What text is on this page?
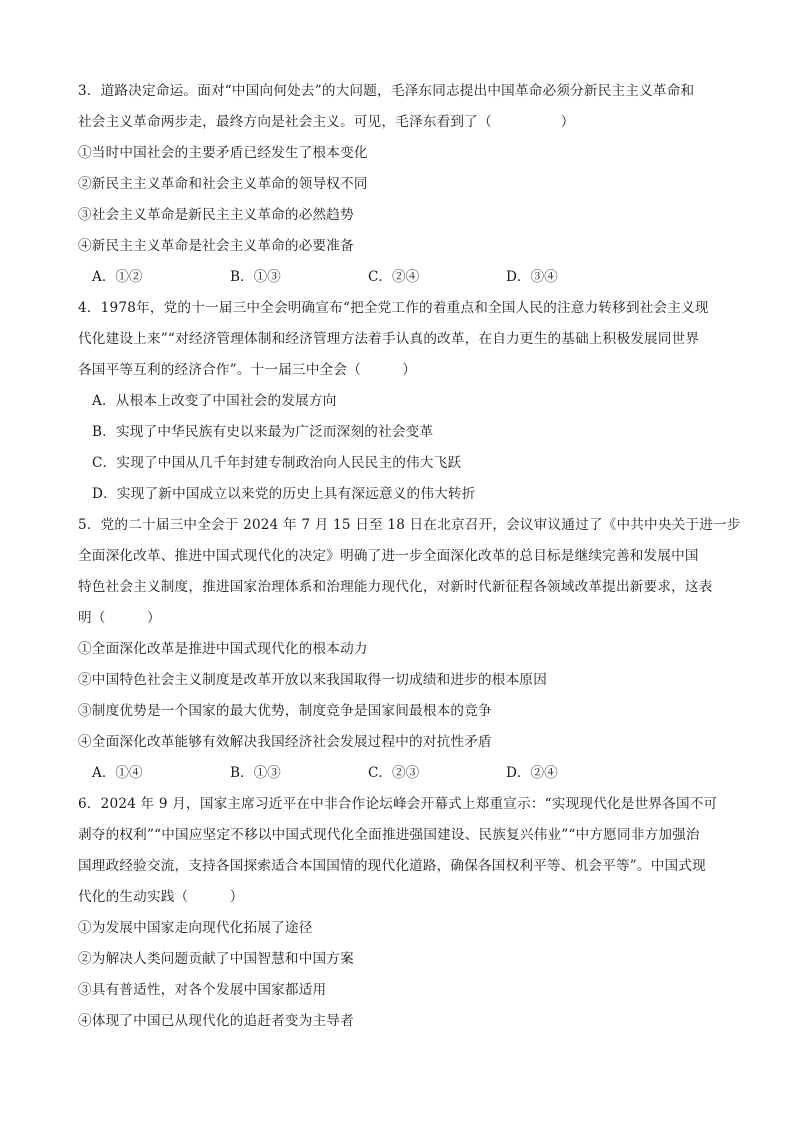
3．道路决定命运。面对“中国向何处去”的大问题，毛泽东同志提出中国革命必须分新民主主义革命和
社会主义革命两步走，最终方向是社会主义。可见，毛泽东看到了（　　　　　）
①当时中国社会的主要矛盾已经发生了根本变化
②新民主主义革命和社会主义革命的领导权不同
③社会主义革命是新民主主义革命的必然趋势
④新民主主义革命是社会主义革命的必要准备
A．①②	B．①③	C．②④	D．③④
4．1978年，党的十一届三中全会明确宣布“把全党工作的着重点和全国人民的注意力转移到社会主义现
代化建设上来”“对经济管理体制和经济管理方法着手认真的改革，在自力更生的基础上积极发展同世界
各国平等互利的经济合作”。十一届三中全会（　　　）
A．从根本上改变了中国社会的发展方向
B．实现了中华民族有史以来最为广泛而深刻的社会变革
C．实现了中国从几千年封建专制政治向人民民主的伟大飞跃
D．实现了新中国成立以来党的历史上具有深远意义的伟大转折
5．党的二十届三中全会于 2024 年 7 月 15 日至 18 日在北京召开，会议审议通过了《中共中央关于进一步
全面深化改革、推进中国式现代化的决定》明确了进一步全面深化改革的总目标是继续完善和发展中国
特色社会主义制度，推进国家治理体系和治理能力现代化，对新时代新征程各领域改革提出新要求，这表
明（　　　）
①全面深化改革是推进中国式现代化的根本动力
②中国特色社会主义制度是改革开放以来我国取得一切成绩和进步的根本原因
③制度优势是一个国家的最大优势，制度竞争是国家间最根本的竞争
④全面深化改革能够有效解决我国经济社会发展过程中的对抗性矛盾
A．①④	B．①③	C．②③	D．②④
6．2024 年 9 月，国家主席习近平在中非合作论坛峰会开幕式上郑重宣示：“实现现代化是世界各国不可
剥夺的权利”“中国应坚定不移以中国式现代化全面推进强国建设、民族复兴伟业”“中方愿同非方加强治
国理政经验交流，支持各国探索适合本国国情的现代化道路，确保各国权利平等、机会平等”。中国式现
代化的生动实践（　　　）
①为发展中国家走向现代化拓展了途径
②为解决人类问题贡献了中国智慧和中国方案
③具有普适性，对各个发展中国家都适用
④体现了中国已从现代化的追赶者变为主导者
